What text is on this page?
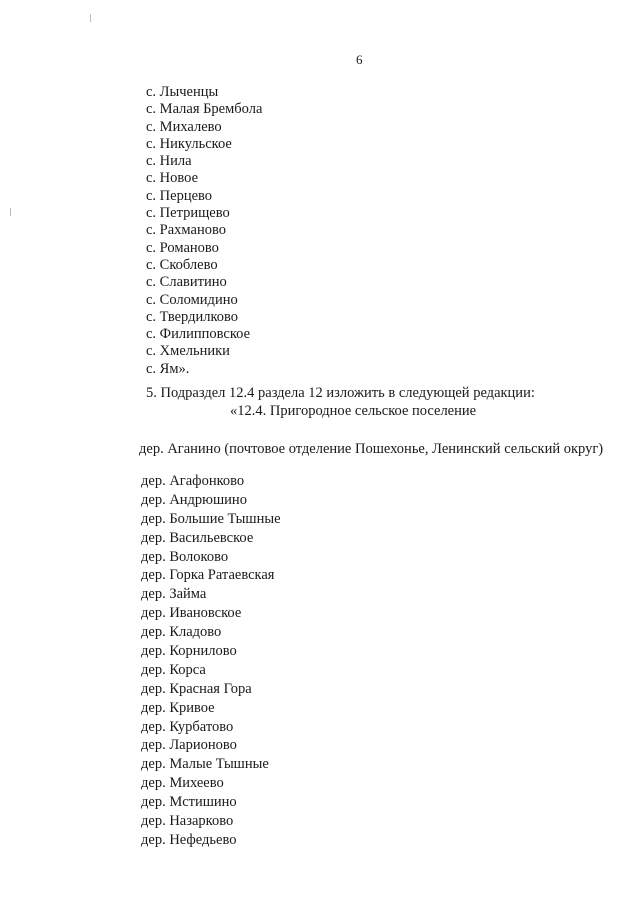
6
с. Лыченцы
с. Малая Брембола
с. Михалево
с. Никульское
с. Нила
с. Новое
с. Перцево
с. Петрищево
с. Рахманово
с. Романово
с. Скоблево
с. Славитино
с. Соломидино
с. Твердилково
с. Филипповское
с. Хмельники
с. Ям».
5. Подраздел 12.4 раздела 12 изложить в следующей редакции:
«12.4. Пригородное сельское поселение
дер. Аганино (почтовое отделение Пошехонье, Ленинский сельский округ)
дер. Агафонково
дер. Андрюшино
дер. Большие Тышные
дер. Васильевское
дер. Волоково
дер. Горка Ратаевская
дер. Займа
дер. Ивановское
дер. Кладово
дер. Корнилово
дер. Корса
дер. Красная Гора
дер. Кривое
дер. Курбатово
дер. Ларионово
дер. Малые Тышные
дер. Михеево
дер. Мстишино
дер. Назарково
дер. Нефедьево
